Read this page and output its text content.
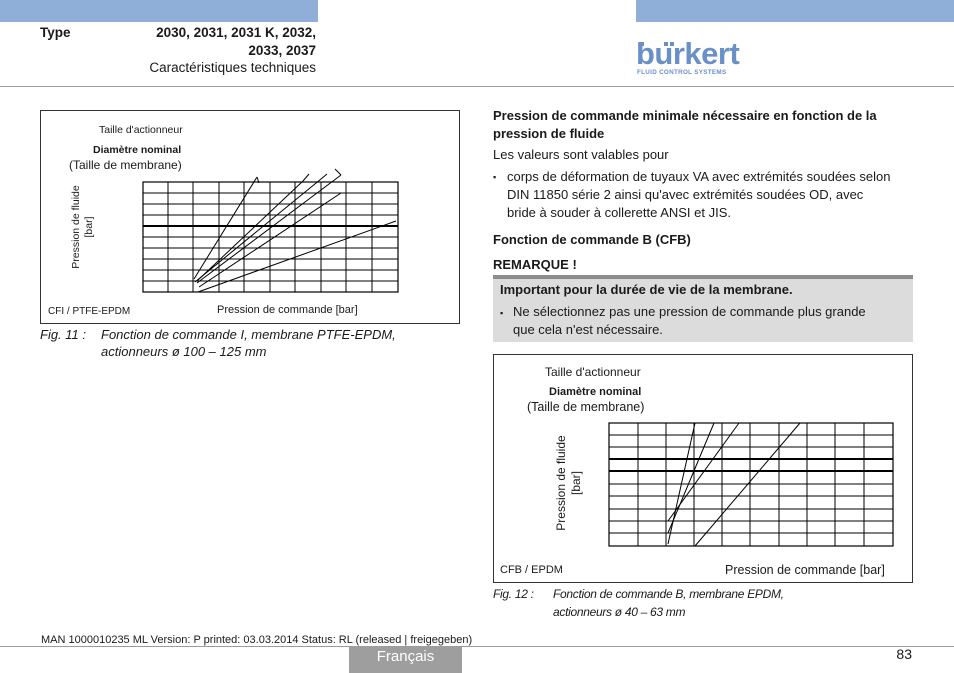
Type	2030, 2031, 2031 K, 2032,
2033, 2037
Caractéristiques techniques	burkert
FLUID CONTROL SYSTEMS
Taille d'actionneur
Diamètre nominal
(Taille de membrane)
Pression de fluide [bar]
CFI / PTFE-EPDM	Pression de commande [bar]
Fig. 11 : Fonction de commande I, membrane PTFE-EPDM,
actionneurs ø 100 – 125 mm
Pression de commande minimale nécessaire en fonction de la
pression de fluide
Les valeurs sont valables pour
▪ corps de déformation de tuyaux VA avec extrémités soudées selon
DIN 11850 série 2 ainsi qu'avec extrémités soudées OD, avec
bride à souder à collerette ANSI et JIS.
Fonction de commande B (CFB)
REMARQUE !
Important pour la durée de vie de la membrane.
▪ Ne sélectionnez pas une pression de commande plus grande
que cela n'est nécessaire.
Taille d'actionneur
Diamètre nominal
(Taille de membrane)
Pression de fluide [bar]
CFB / EPDM	Pression de commande [bar]
Fig. 12 : Fonction de commande B, membrane EPDM,
actionneurs ø 40 – 63 mm
MAN 1000010235 ML Version: P printed: 03.03.2014 Status: RL (released | freigegeben)
Français	83
